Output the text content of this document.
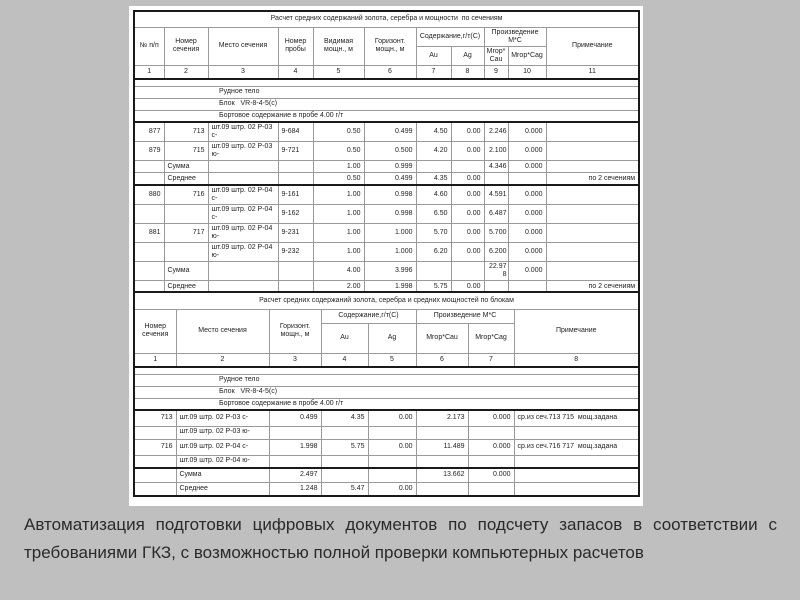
Расчет средних содержаний золота, серебра и мощности  по сечениям										
№ п/п	Номер сечения	Место сечения	Номер пробы	Видимая мощн., м	Горизонт. мощн., м	Содержание,г/т(С)		Произведение М*С		Примечание
						Au	Ag	Мгор*Сau	Мгор*Сag	
1	2	3	4	5	6	7	8	9	10	11

Рудное тело										
Блок   VR-8-4-5(с)										
Бортовое содержание в пробе 4.00 г/т										
877	713	шт.09 штр. 02 Р-03 с-	9-684	0.50	0.499	4.50	0.00	2.246	0.000	
879	715	шт.09 штр. 02 Р-03 ю-	9-721	0.50	0.500	4.20	0.00	2.100	0.000	
	Сумма			1.00	0.999			4.346	0.000	
	Среднее			0.50	0.499	4.35	0.00			по 2 сечениям
880	716	шт.09 штр. 02 Р-04 с-	9-161	1.00	0.998	4.60	0.00	4.591	0.000	
		шт.09 штр. 02 Р-04 с-	9-162	1.00	0.998	6.50	0.00	6.487	0.000	
881	717	шт.09 штр. 02 Р-04 ю-	9-231	1.00	1.000	5.70	0.00	5.700	0.000	
		шт.09 штр. 02 Р-04 ю-	9-232	1.00	1.000	6.20	0.00	6.200	0.000	
	Сумма			4.00	3.996			22.978	0.000	
	Среднее			2.00	1.998	5.75	0.00			по 2 сечениям

Расчет средних содержаний золота, серебра и средних мощностей по блокам							
Номер сечения	Место сечения	Горизонт. мощн., м	Содержание,г/т(С)		Произведение М*С		Примечание
			Au	Ag	Мгор*Сau	Мгор*Сag	
1	2	3	4	5	6	7	8

Рудное тело							
Блок   VR-8-4-5(с)							
Бортовое содержание в пробе 4.00 г/т							
713	шт.09 штр. 02 Р-03 с-	0.499	4.35	0.00	2.173	0.000	ср.из сеч.713 715  мощ.задана
	шт.09 штр. 02 Р-03 ю-						
716	шт.09 штр. 02 Р-04 с-	1.998	5.75	0.00	11.489	0.000	ср.из сеч.716 717  мощ.задана
	шт.09 штр. 02 Р-04 ю-						
	Сумма	2.497			13.662	0.000	
	Среднее	1.248	5.47	0.00			
Автоматизация подготовки цифровых документов по подсчету запасов в соответствии с требованиями ГКЗ, с возможностью полной проверки компьютерных расчетов
